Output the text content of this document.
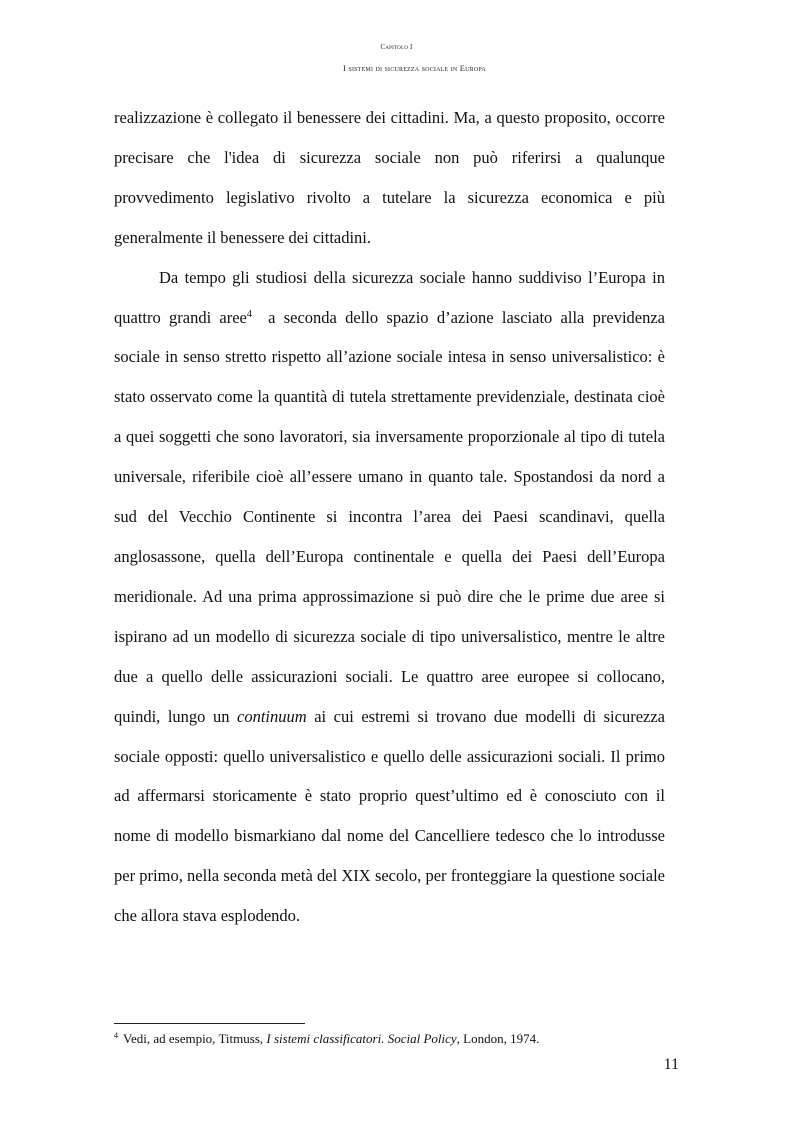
Capitolo I
I sistemi di sicurezza sociale in Europa

realizzazione è collegato il benessere dei cittadini. Ma, a questo proposito, occorre precisare che l'idea di sicurezza sociale non può riferirsi a qualunque provvedimento legislativo rivolto a tutelare la sicurezza economica e più generalmente il benessere dei cittadini.

Da tempo gli studiosi della sicurezza sociale hanno suddiviso l’Europa in quattro grandi aree$^4$ a seconda dello spazio d’azione lasciato alla previdenza sociale in senso stretto rispetto all’azione sociale intesa in senso universalistico: è stato osservato come la quantità di tutela strettamente previdenziale, destinata cioè a quei soggetti che sono lavoratori, sia inversamente proporzionale al tipo di tutela universale, riferibile cioè all’essere umano in quanto tale. Spostandosi da nord a sud del Vecchio Continente si incontra l’area dei Paesi scandinavi, quella anglosassone, quella dell’Europa continentale e quella dei Paesi dell’Europa meridionale. Ad una prima approssimazione si può dire che le prime due aree si ispirano ad un modello di sicurezza sociale di tipo universalistico, mentre le altre due a quello delle assicurazioni sociali. Le quattro aree europee si collocano, quindi, lungo un continuum ai cui estremi si trovano due modelli di sicurezza sociale opposti: quello universalistico e quello delle assicurazioni sociali. Il primo ad affermarsi storicamente è stato proprio quest’ultimo ed è conosciuto con il nome di modello bismarkiano dal nome del Cancelliere tedesco che lo introdusse per primo, nella seconda metà del XIX secolo, per fronteggiare la questione sociale che allora stava esplodendo.

$^4$ Vedi, ad esempio, Titmuss, I sistemi classificatori. Social Policy, London, 1974.
11
